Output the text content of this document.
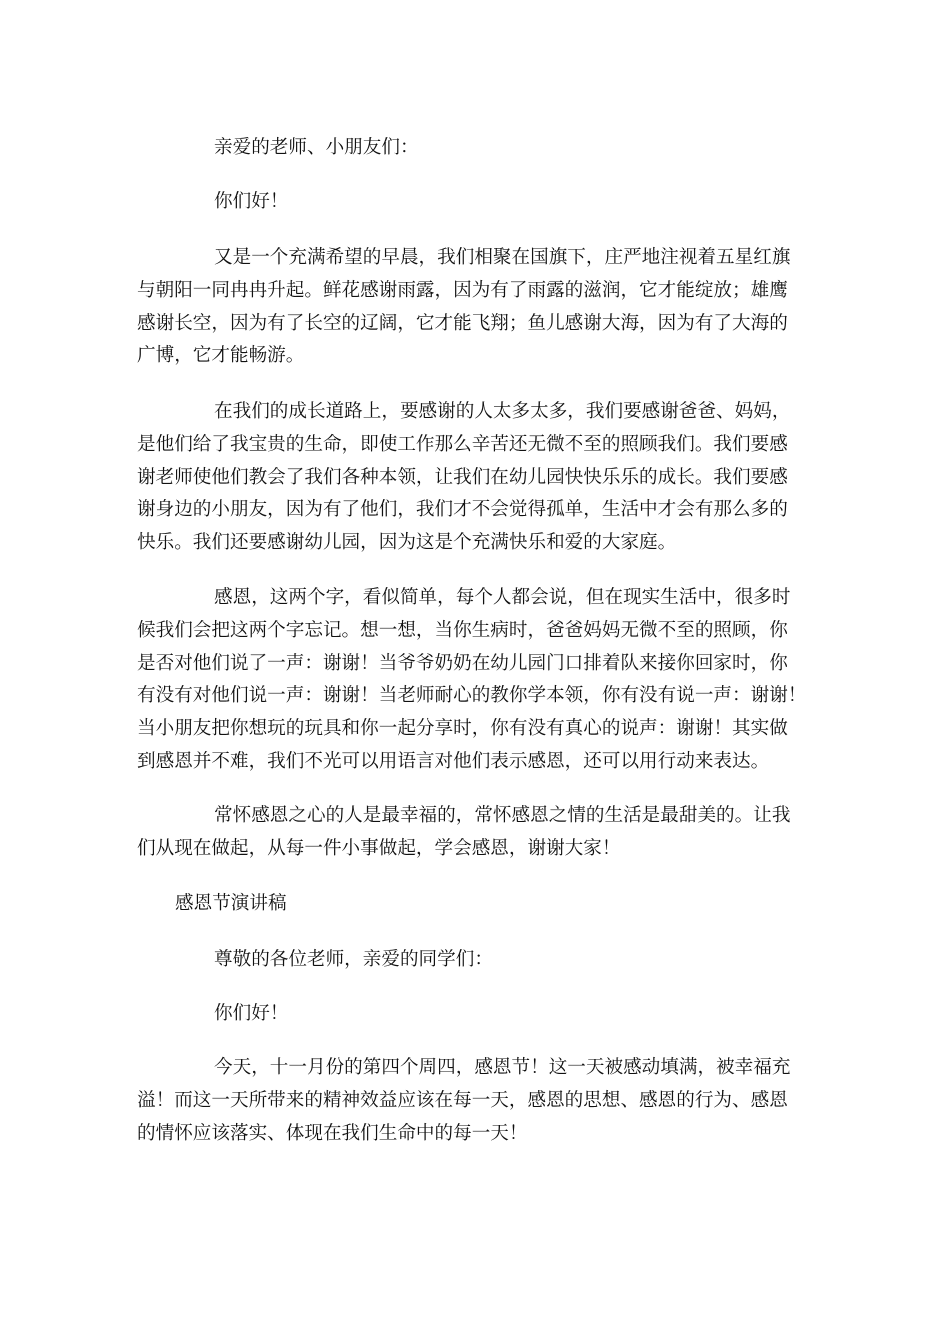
亲爱的老师、小朋友们：

你们好！

又是一个充满希望的早晨，我们相聚在国旗下，庄严地注视着五星红旗
与朝阳一同冉冉升起。鲜花感谢雨露，因为有了雨露的滋润，它才能绽放；雄鹰
感谢长空，因为有了长空的辽阔，它才能飞翔；鱼儿感谢大海，因为有了大海的
广博，它才能畅游。

在我们的成长道路上，要感谢的人太多太多，我们要感谢爸爸、妈妈，
是他们给了我宝贵的生命，即使工作那么辛苦还无微不至的照顾我们。我们要感
谢老师使他们教会了我们各种本领，让我们在幼儿园快快乐乐的成长。我们要感
谢身边的小朋友，因为有了他们，我们才不会觉得孤单，生活中才会有那么多的
快乐。我们还要感谢幼儿园，因为这是个充满快乐和爱的大家庭。

感恩，这两个字，看似简单，每个人都会说，但在现实生活中，很多时
候我们会把这两个字忘记。想一想，当你生病时，爸爸妈妈无微不至的照顾，你
是否对他们说了一声：谢谢！当爷爷奶奶在幼儿园门口排着队来接你回家时，你
有没有对他们说一声：谢谢！当老师耐心的教你学本领，你有没有说一声：谢谢！
当小朋友把你想玩的玩具和你一起分享时，你有没有真心的说声：谢谢！其实做
到感恩并不难，我们不光可以用语言对他们表示感恩，还可以用行动来表达。

常怀感恩之心的人是最幸福的，常怀感恩之情的生活是最甜美的。让我
们从现在做起，从每一件小事做起，学会感恩，谢谢大家！

感恩节演讲稿

尊敬的各位老师，亲爱的同学们：

你们好！

今天，十一月份的第四个周四，感恩节！这一天被感动填满，被幸福充
溢！而这一天所带来的精神效益应该在每一天，感恩的思想、感恩的行为、感恩
的情怀应该落实、体现在我们生命中的每一天！
